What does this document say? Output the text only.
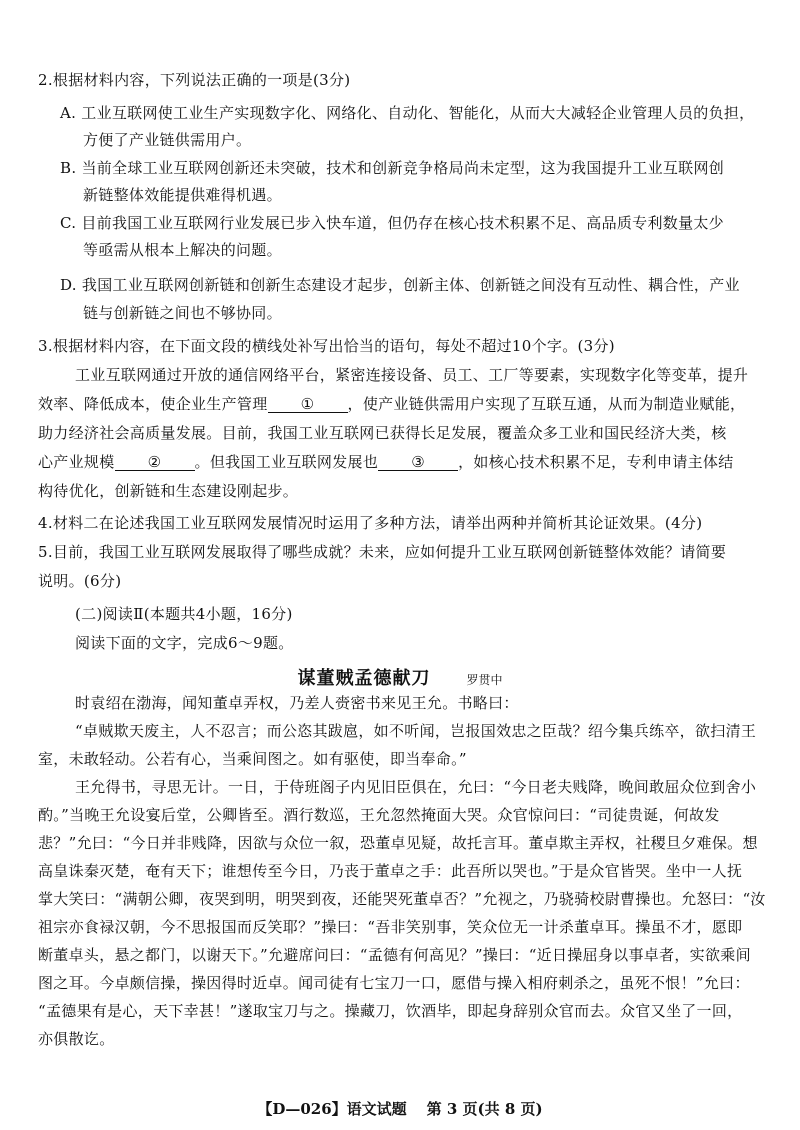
2.根据材料内容，下列说法正确的一项是(3分)
A. 工业互联网使工业生产实现数字化、网络化、自动化、智能化，从而大大减轻企业管理人员的负担，
方便了产业链供需用户。
B. 当前全球工业互联网创新还未突破，技术和创新竞争格局尚未定型，这为我国提升工业互联网创
新链整体效能提供难得机遇。
C. 目前我国工业互联网行业发展已步入快车道，但仍存在核心技术积累不足、高品质专利数量太少
等亟需从根本上解决的问题。
D. 我国工业互联网创新链和创新生态建设才起步，创新主体、创新链之间没有互动性、耦合性，产业
链与创新链之间也不够协同。
3.根据材料内容，在下面文段的横线处补写出恰当的语句，每处不超过10个字。(3分)
工业互联网通过开放的通信网络平台，紧密连接设备、员工、工厂等要素，实现数字化等变革，提升
效率、降低成本，使企业生产管理 ① ，使产业链供需用户实现了互联互通，从而为制造业赋能，
助力经济社会高质量发展。目前，我国工业互联网已获得长足发展，覆盖众多工业和国民经济大类，核
心产业规模 ② 。但我国工业互联网发展也 ③ ，如核心技术积累不足，专利申请主体结
构待优化，创新链和生态建设刚起步。
4.材料二在论述我国工业互联网发展情况时运用了多种方法，请举出两种并简析其论证效果。(4分)
5.目前，我国工业互联网发展取得了哪些成就？未来，应如何提升工业互联网创新链整体效能？请简要
说明。(6分)
(二)阅读Ⅱ(本题共4小题，16分)
阅读下面的文字，完成6～9题。
谋董贼孟德献刀	罗贯中
时袁绍在渤海，闻知董卓弄权，乃差人赍密书来见王允。书略曰：
“卓贼欺天废主，人不忍言；而公恣其跋扈，如不听闻，岂报国效忠之臣哉？绍今集兵练卒，欲扫清王
室，未敢轻动。公若有心，当乘间图之。如有驱使，即当奉命。”
王允得书，寻思无计。一日，于侍班阁子内见旧臣俱在，允曰：“今日老夫贱降，晚间敢屈众位到舍小
酌。”当晚王允设宴后堂，公卿皆至。酒行数巡，王允忽然掩面大哭。众官惊问曰：“司徒贵诞，何故发
悲？”允曰：“今日并非贱降，因欲与众位一叙，恐董卓见疑，故托言耳。董卓欺主弄权，社稷旦夕难保。想
高皇诛秦灭楚，奄有天下；谁想传至今日，乃丧于董卓之手：此吾所以哭也。”于是众官皆哭。坐中一人抚
掌大笑曰：“满朝公卿，夜哭到明，明哭到夜，还能哭死董卓否？”允视之，乃骁骑校尉曹操也。允怒曰：“汝
祖宗亦食禄汉朝，今不思报国而反笑耶？”操曰：“吾非笑别事，笑众位无一计杀董卓耳。操虽不才，愿即
断董卓头，悬之都门，以谢天下。”允避席问曰：“孟德有何高见？”操曰：“近日操屈身以事卓者，实欲乘间
图之耳。今卓颇信操，操因得时近卓。闻司徒有七宝刀一口，愿借与操入相府刺杀之，虽死不恨！”允曰：
“孟德果有是心，天下幸甚！”遂取宝刀与之。操藏刀，饮酒毕，即起身辞别众官而去。众官又坐了一回，
亦俱散讫。
【D—026】语文试题 第 3 页(共 8 页)
